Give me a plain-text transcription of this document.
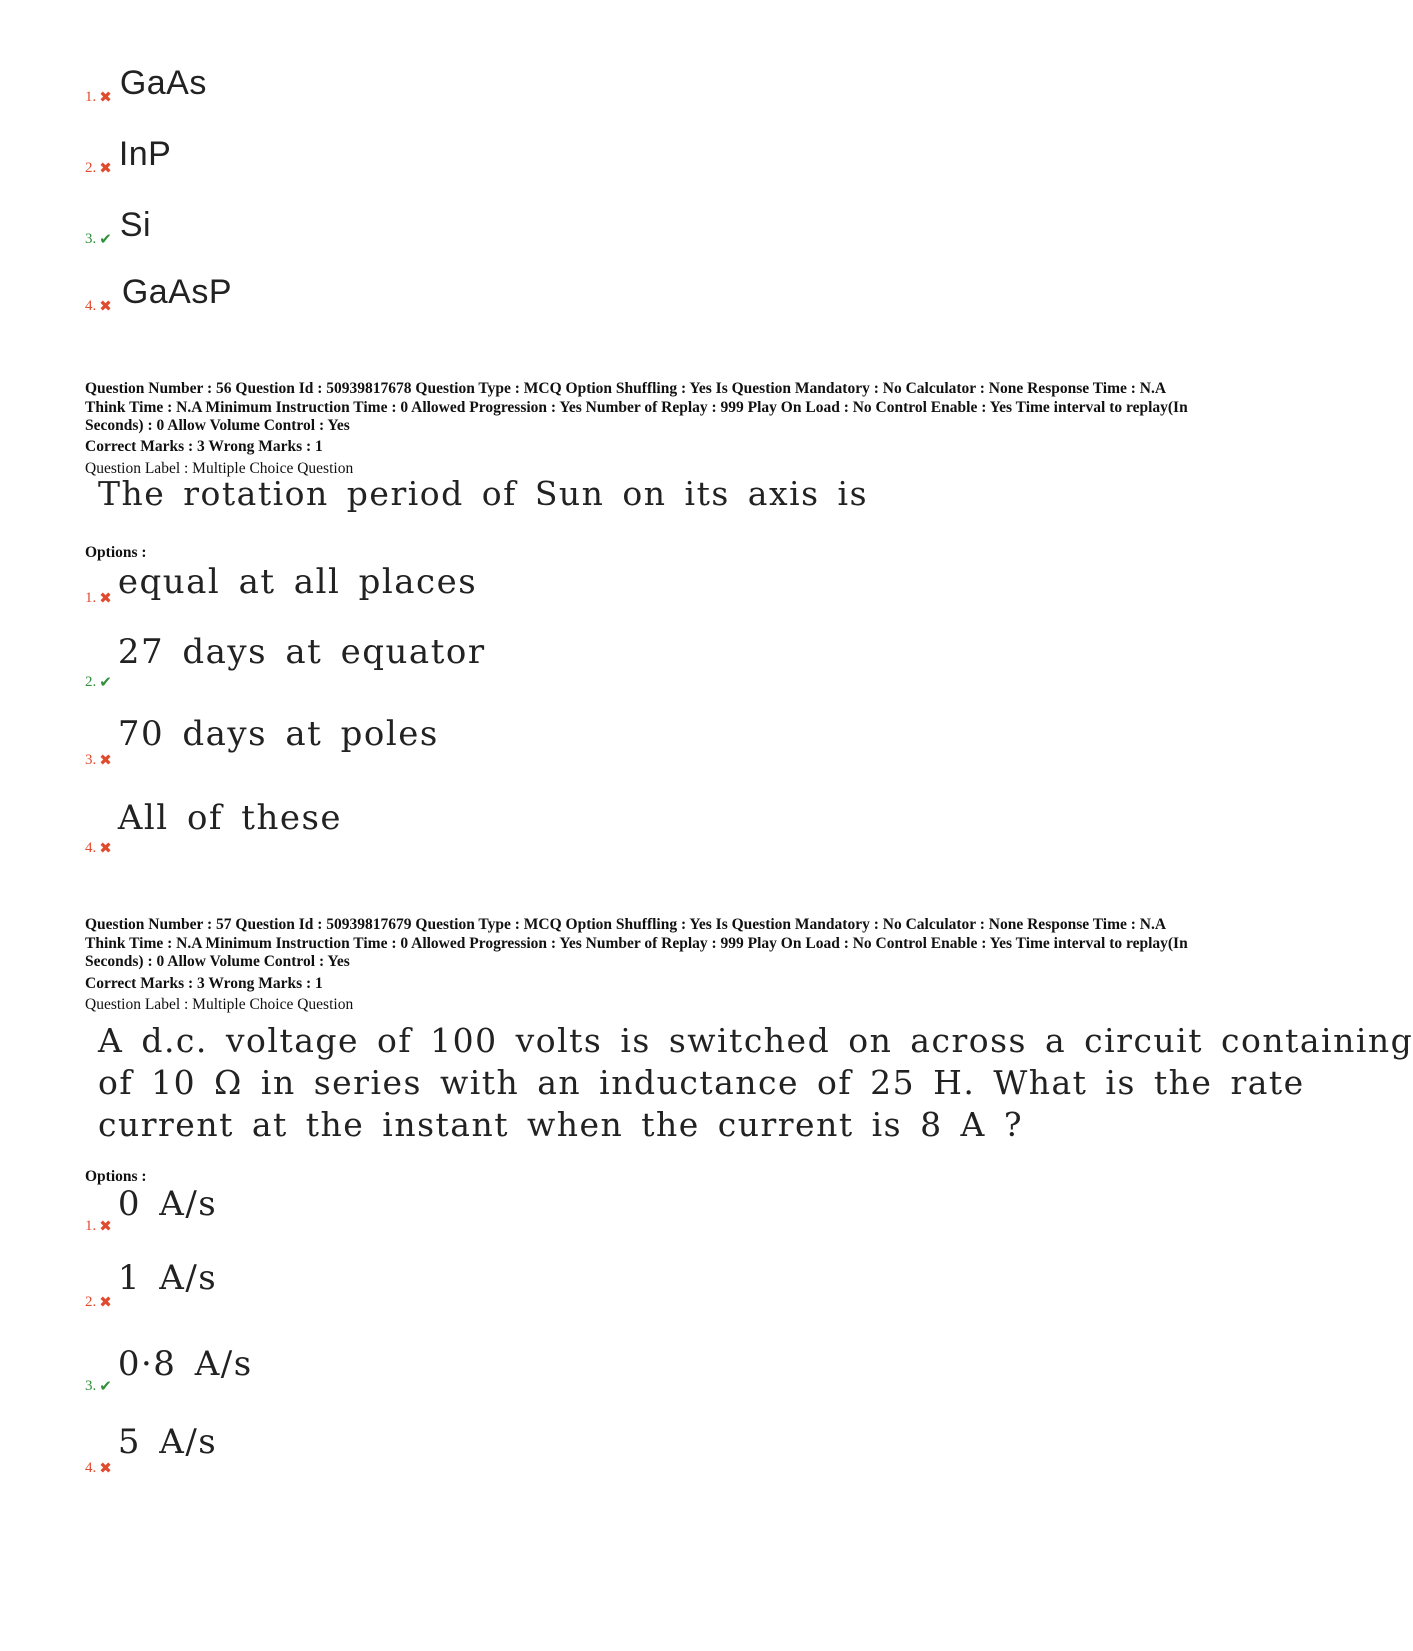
1. ✖ GaAs
2. ✖ InP
3. ✔ Si
4. ✖ GaAsP
Question Number : 56 Question Id : 50939817678 Question Type : MCQ Option Shuffling : Yes Is Question Mandatory : No Calculator : None Response Time : N.A Think Time : N.A Minimum Instruction Time : 0 Allowed Progression : Yes Number of Replay : 999 Play On Load : No Control Enable : Yes Time interval to replay(In Seconds) : 0 Allow Volume Control : Yes
Correct Marks : 3 Wrong Marks : 1
Question Label : Multiple Choice Question
The rotation period of Sun on its axis is
Options :
1. ✖ equal at all places
2. ✔
27 days at equator
3. ✖
70 days at poles
4. ✖
All of these
Question Number : 57 Question Id : 50939817679 Question Type : MCQ Option Shuffling : Yes Is Question Mandatory : No Calculator : None Response Time : N.A Think Time : N.A Minimum Instruction Time : 0 Allowed Progression : Yes Number of Replay : 999 Play On Load : No Control Enable : Yes Time interval to replay(In Seconds) : 0 Allow Volume Control : Yes
Correct Marks : 3 Wrong Marks : 1
Question Label : Multiple Choice Question
A d.c. voltage of 100 volts is switched on across a circuit containing
of 10 Ω in series with an inductance of 25 H. What is the rate
current at the instant when the current is 8 A ?
Options :
1. ✖
0 A/s
2. ✖
1 A/s
3. ✔
0·8 A/s
4. ✖
5 A/s
